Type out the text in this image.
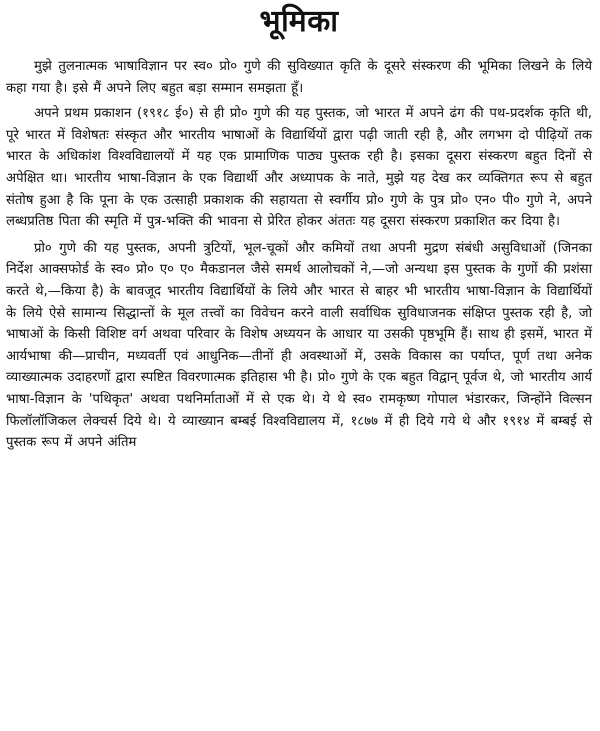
भूमिका

मुझे तुलनात्मक भाषाविज्ञान पर स्व० प्रो० गुणे की सुविख्यात कृति के दूसरे संस्करण की भूमिका लिखने के लिये कहा गया है। इसे मैं अपने लिए बहुत बड़ा सम्मान समझता हूँ।

अपने प्रथम प्रकाशन (१९१८ ई०) से ही प्रो० गुणे की यह पुस्तक, जो भारत में अपने ढंग की पथ-प्रदर्शक कृति थी, पूरे भारत में विशेषतः संस्कृत और भारतीय भाषाओं के विद्यार्थियों द्वारा पढ़ी जाती रही है, और लगभग दो पीढ़ियों तक भारत के अधिकांश विश्वविद्यालयों में यह एक प्रामाणिक पाठ्य पुस्तक रही है। इसका दूसरा संस्करण बहुत दिनों से अपेक्षित था। भारतीय भाषा-विज्ञान के एक विद्यार्थी और अध्यापक के नाते, मुझे यह देख कर व्यक्तिगत रूप से बहुत संतोष हुआ है कि पूना के एक उत्साही प्रकाशक की सहायता से स्वर्गीय प्रो० गुणे के पुत्र प्रो० एन० पी० गुणे ने, अपने लब्धप्रतिष्ठ पिता की स्मृति में पुत्र-भक्ति की भावना से प्रेरित होकर अंततः यह दूसरा संस्करण प्रकाशित कर दिया है।

प्रो० गुणे की यह पुस्तक, अपनी त्रुटियों, भूल-चूकों और कमियों तथा अपनी मुद्रण संबंधी असुविधाओं (जिनका निर्देश आक्सफोर्ड के स्व० प्रो० ए० ए० मैकडानल जैसे समर्थ आलोचकों ने,—जो अन्यथा इस पुस्तक के गुणों की प्रशंसा करते थे,—किया है) के बावजूद भारतीय विद्यार्थियों के लिये और भारत से बाहर भी भारतीय भाषा-विज्ञान के विद्यार्थियों के लिये ऐसे सामान्य सिद्धान्तों के मूल तत्त्वों का विवेचन करने वाली सर्वाधिक सुविधाजनक संक्षिप्त पुस्तक रही है, जो भाषाओं के किसी विशिष्ट वर्ग अथवा परिवार के विशेष अध्ययन के आधार या उसकी पृष्ठभूमि हैं। साथ ही इसमें, भारत में आर्यभाषा की—प्राचीन, मध्यवर्ती एवं आधुनिक—तीनों ही अवस्थाओं में, उसके विकास का पर्याप्त, पूर्ण तथा अनेक व्याख्यात्मक उदाहरणों द्वारा स्पष्टित विवरणात्मक इतिहास भी है। प्रो० गुणे के एक बहुत विद्वान् पूर्वज थे, जो भारतीय आर्य भाषा-विज्ञान के 'पथिकृत' अथवा पथनिर्माताओं में से एक थे। ये थे स्व० रामकृष्ण गोपाल भंडारकर, जिन्होंने विल्सन फिलॉलॉजिकल लेक्चर्स दिये थे। ये व्याख्यान बम्बई विश्वविद्यालय में, १८७७ में ही दिये गये थे और १९१४ में बम्बई से पुस्तक रूप में अपने अंतिम
